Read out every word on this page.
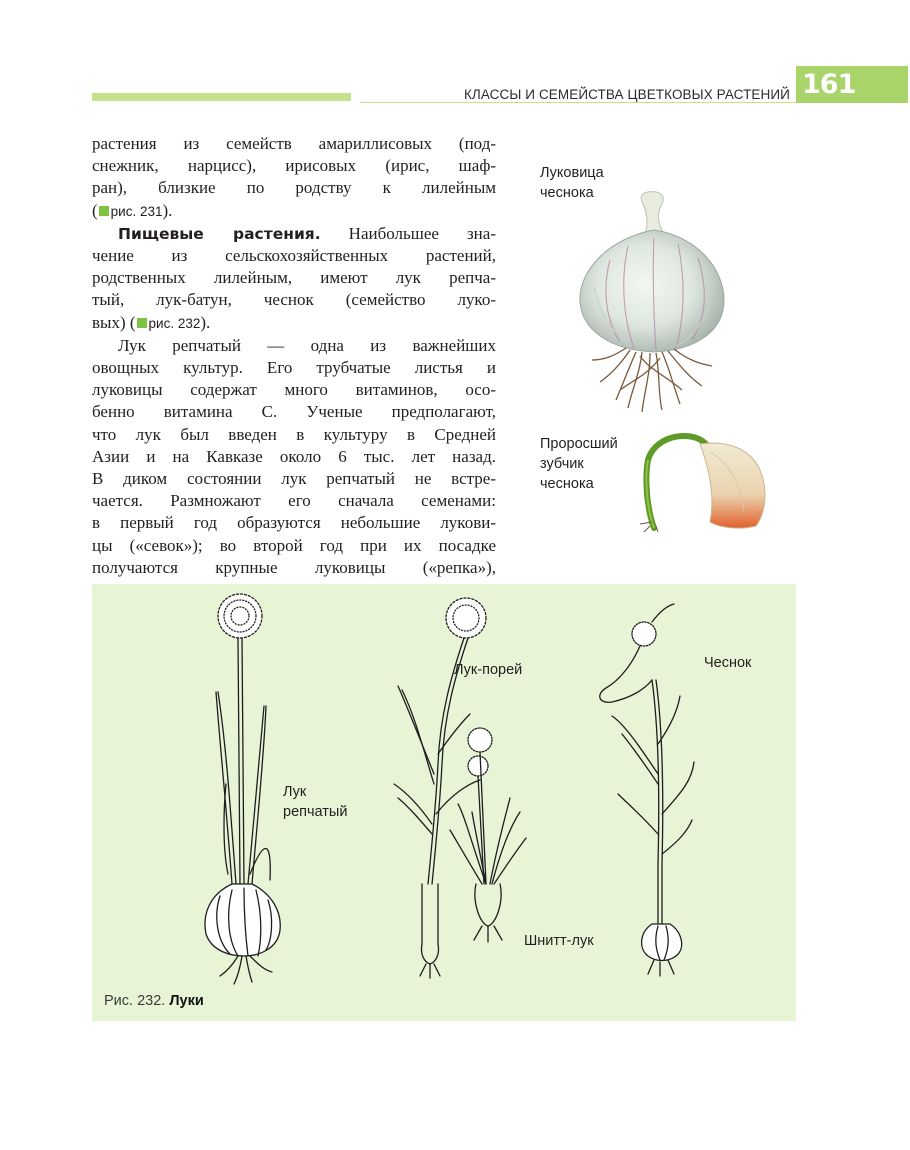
КЛАССЫ И СЕМЕЙСТВА ЦВЕТКОВЫХ РАСТЕНИЙ 161

растения из семейств амариллисовых (под-
снежник, нарцисс), ирисовых (ирис, шаф-
ран), близкие по родству к лилейным
( рис. 231).

Пищевые растения. Наибольшее зна-
чение из сельскохозяйственных растений,
родственных лилейным, имеют лук репча-
тый, лук-батун, чеснок (семейство луко-
вых) ( рис. 232).

Лук репчатый — одна из важнейших
овощных культур. Его трубчатые листья и
луковицы содержат много витаминов, осо-
бенно витамина С. Ученые предполагают,
что лук был введен в культуру в Средней
Азии и на Кавказе около 6 тыс. лет назад.
В диком состоянии лук репчатый не встре-
чается. Размножают его сначала семенами:
в первый год образуются небольшие лукови-
цы («севок»); во второй год при их посадке
получаются крупные луковицы («репка»),

Луковица
чеснока
Проросший
зубчик
чеснока
Лук
репчатый
Лук-порей	Чеснок
Шнитт-лук
Рис. 232. Луки
